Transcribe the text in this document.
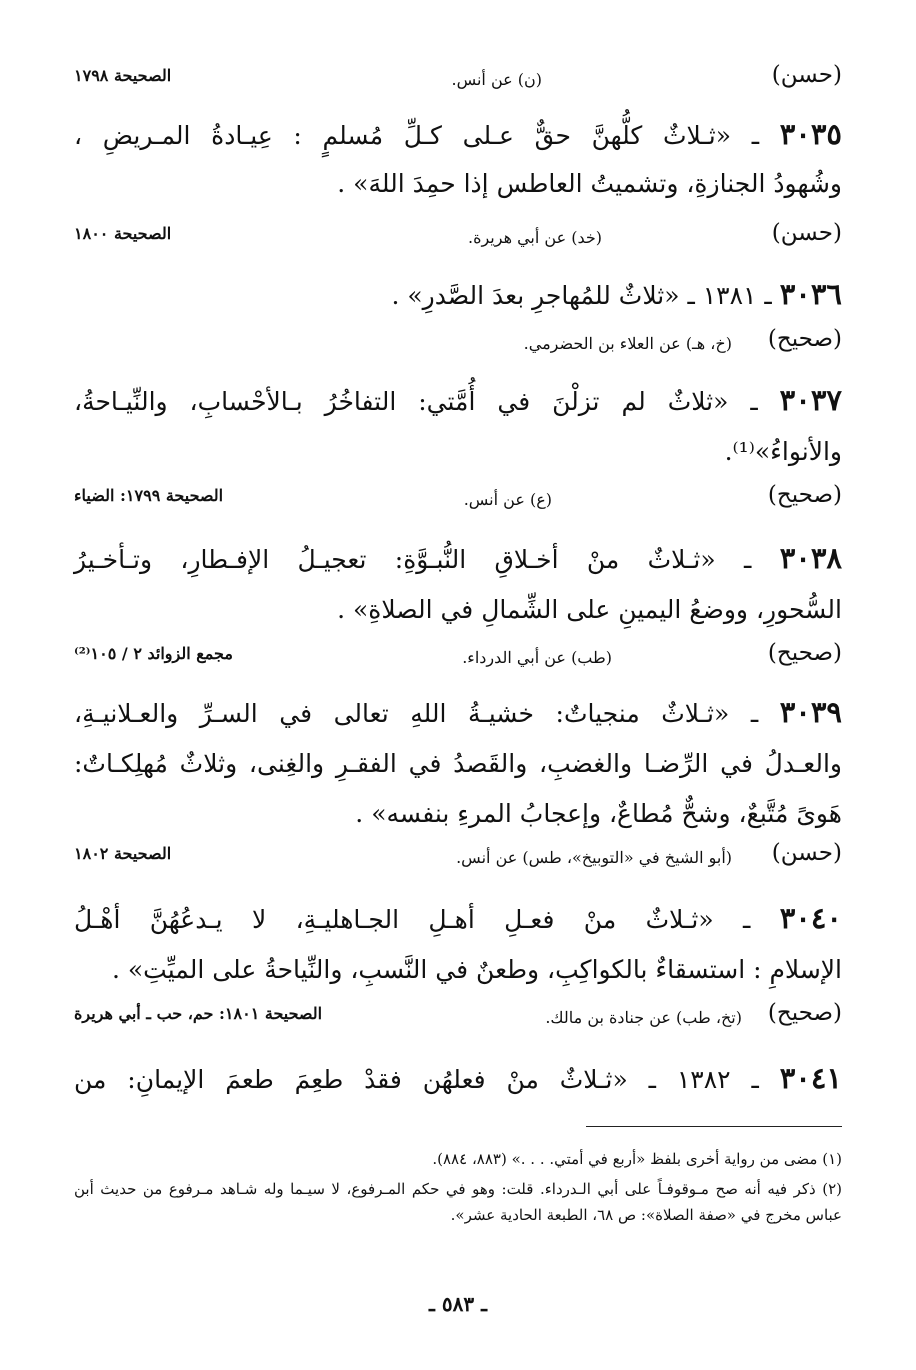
(حسن)
(ن) عن أنس.
الصحيحة ١٧٩٨
٣٠٣٥ ـ «ثـلاثٌ كلُّهنَّ حقٌّ عـلى كـلِّ مُسلمٍ : عِيـادةُ المـريضِ ،
وشُهودُ الجنازةِ، وتشميتُ العاطس إذا حمِدَ اللهَ» .
(حسن)
(خد) عن أبي هريرة.
الصحيحة ١٨٠٠
٣٠٣٦ ـ ١٣٨١ ـ «ثلاثٌ للمُهاجرِ بعدَ الصَّدرِ» .
(صحيح)
(خ، هـ) عن العلاء بن الحضرمي.
٣٠٣٧ ـ «ثلاثٌ لم تزلْنَ في أُمَّتي: التفاخُرُ بـالأحْسابِ، والنِّيـاحةُ،
والأنواءُ»⁽¹⁾.
(صحيح)
(ع) عن أنس.
الصحيحة ١٧٩٩: الضياء
٣٠٣٨ ـ «ثـلاثٌ منْ أخـلاقِ النُّبـوَّةِ: تعجيـلُ الإفـطارِ، وتـأخـيرُ
السُّحورِ، ووضعُ اليمينِ على الشِّمالِ في الصلاةِ» .
(صحيح)
(طب) عن أبي الدرداء.
مجمع الزوائد ٢ / ١٠٥⁽²⁾
٣٠٣٩ ـ «ثـلاثٌ منجياتٌ: خشيـةُ اللهِ تعالى في السـرِّ والعـلانيـةِ،
والعـدلُ في الرِّضـا والغضبِ، والقَصدُ في الفقـرِ والغِنى، وثلاثٌ مُهلِكـاتٌ:
هَوىً مُتَّبعٌ، وشحٌّ مُطاعٌ، وإعجابُ المرءِ بنفسه» .
(حسن)
(أبو الشيخ في «التوبيخ»، طس) عن أنس.
الصحيحة ١٨٠٢
٣٠٤٠ ـ «ثـلاثٌ منْ فعـلِ أهـلِ الجـاهليـةِ، لا يـدعُهُنَّ أهْـلُ
الإسلامِ : استسقاءٌ بالكواكِبِ، وطعنٌ في النَّسبِ، والنِّياحةُ على الميِّتِ» .
(صحيح)
(تخ، طب) عن جنادة بن مالك.
الصحيحة ١٨٠١: حم، حب ـ أبي هريرة
٣٠٤١ ـ ١٣٨٢ ـ «ثـلاثٌ منْ فعلهُن فقدْ طعِمَ طعمَ الإيمانِ: من
(١) مضى من رواية أخرى بلفظ «أربع في أمتي. . . .» (٨٨٣، ٨٨٤).
(٢) ذكر فيه أنه صح مـوقوفـاً على أبي الـدرداء. قلت: وهو في حكم المـرفوع، لا سيـما وله شـاهد مـرفوع من حديث أبن عباس مخرج في «صفة الصلاة»: ص ٦٨، الطبعة الحادية عشر».
ـ ٥٨٣ ـ
